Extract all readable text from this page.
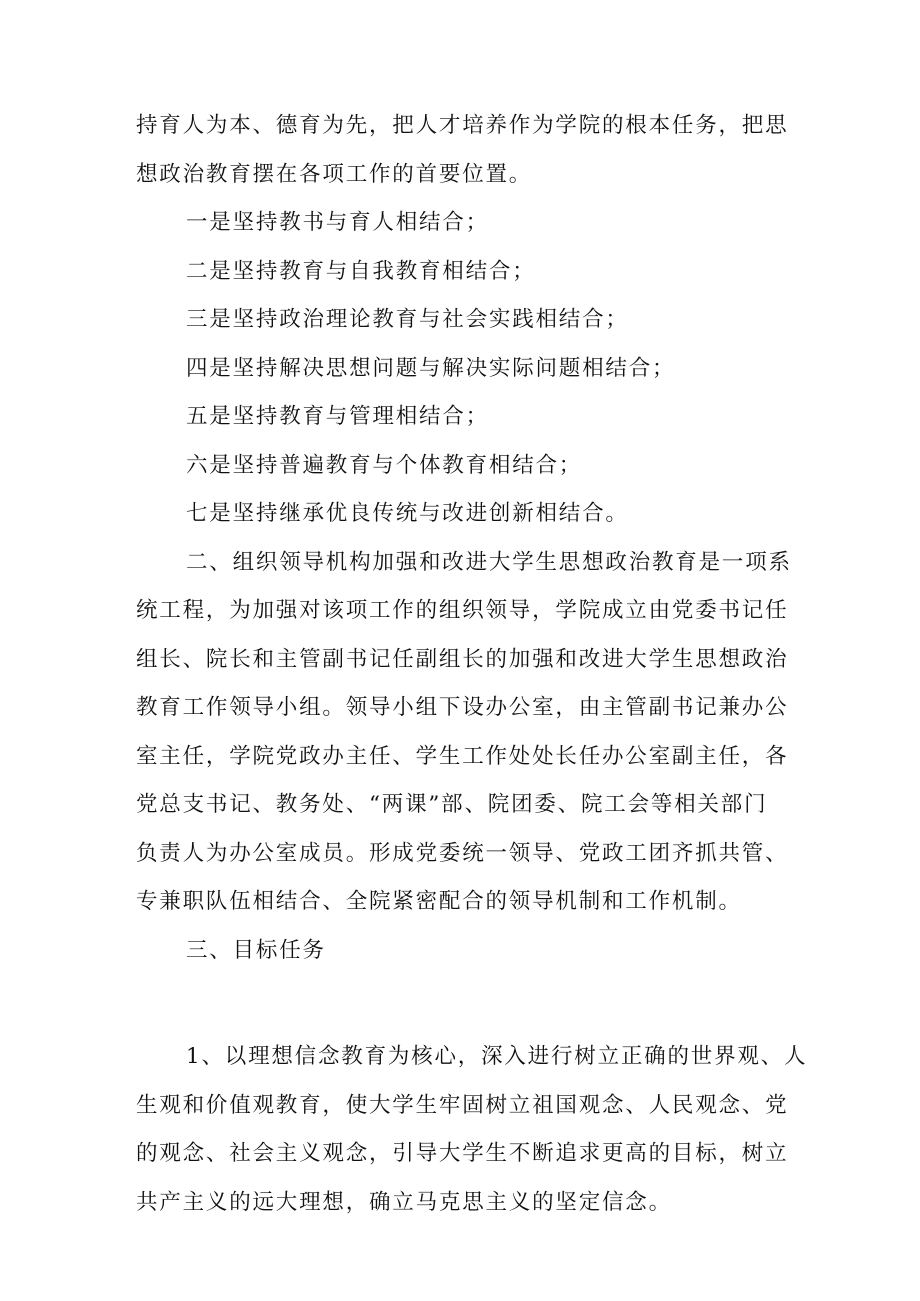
持育人为本、德育为先，把人才培养作为学院的根本任务，把思

想政治教育摆在各项工作的首要位置。

一是坚持教书与育人相结合；

二是坚持教育与自我教育相结合；

三是坚持政治理论教育与社会实践相结合；

四是坚持解决思想问题与解决实际问题相结合；

五是坚持教育与管理相结合；

六是坚持普遍教育与个体教育相结合；

七是坚持继承优良传统与改进创新相结合。

二、组织领导机构加强和改进大学生思想政治教育是一项系

统工程，为加强对该项工作的组织领导，学院成立由党委书记任

组长、院长和主管副书记任副组长的加强和改进大学生思想政治

教育工作领导小组。领导小组下设办公室，由主管副书记兼办公

室主任，学院党政办主任、学生工作处处长任办公室副主任，各

党总支书记、教务处、“两课”部、院团委、院工会等相关部门

负责人为办公室成员。形成党委统一领导、党政工团齐抓共管、

专兼职队伍相结合、全院紧密配合的领导机制和工作机制。

三、目标任务

1、以理想信念教育为核心，深入进行树立正确的世界观、人

生观和价值观教育，使大学生牢固树立祖国观念、人民观念、党

的观念、社会主义观念，引导大学生不断追求更高的目标，树立

共产主义的远大理想，确立马克思主义的坚定信念。
